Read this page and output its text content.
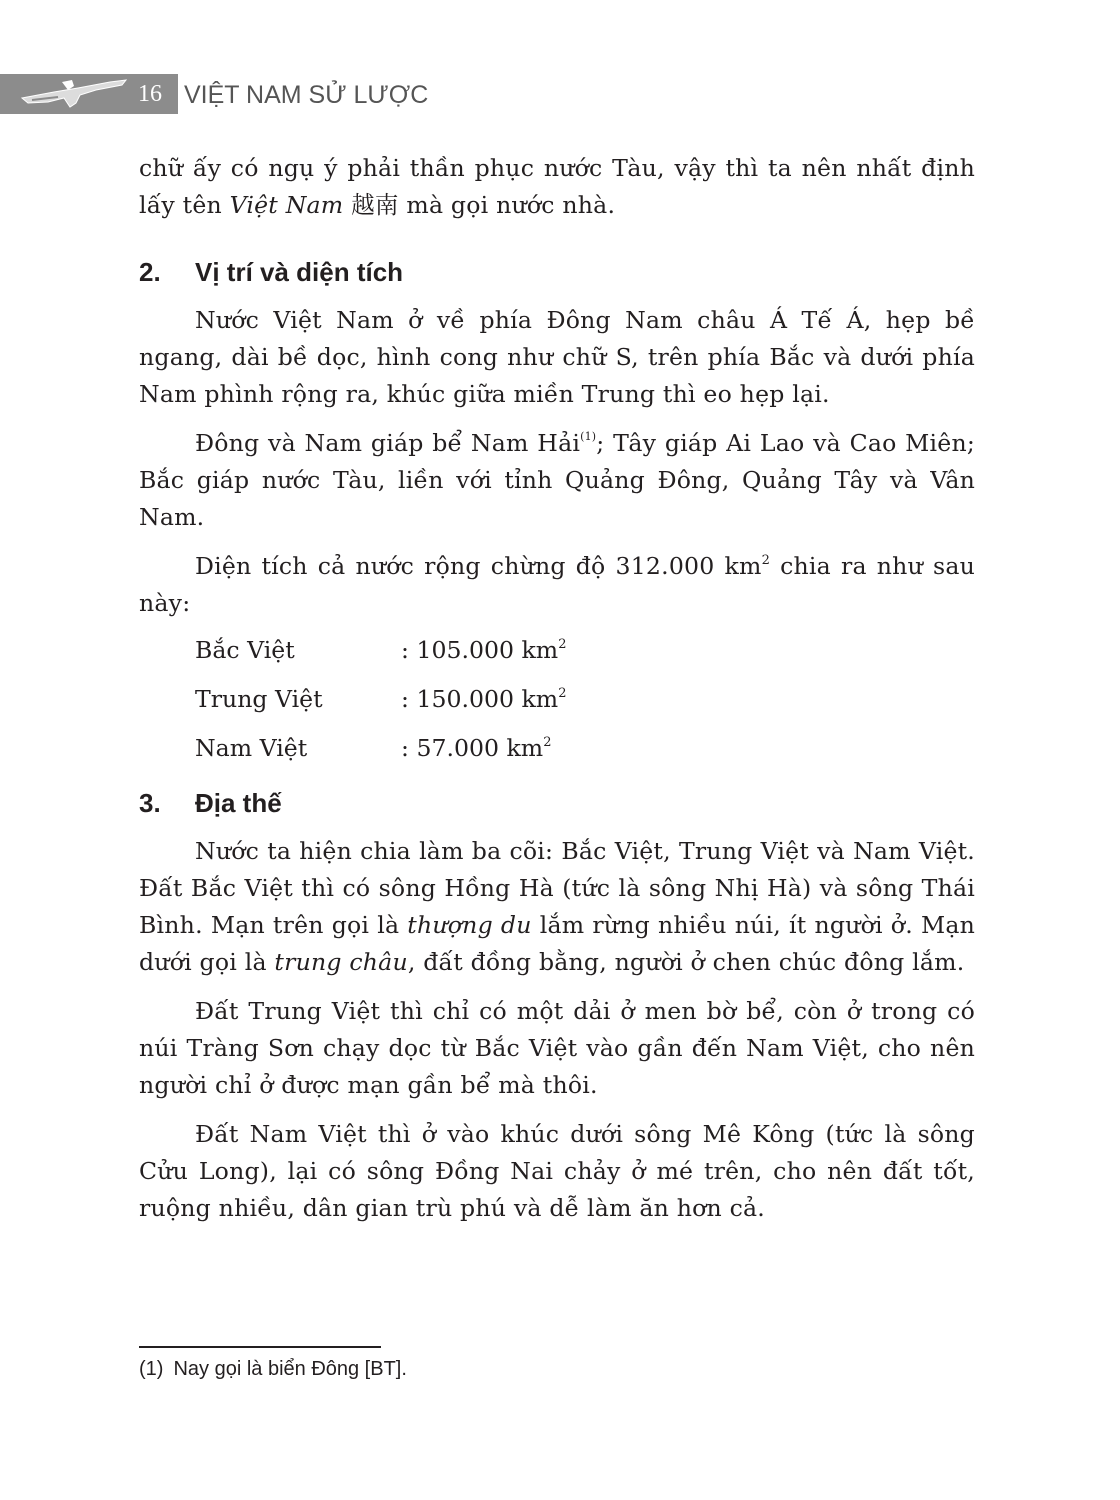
16 VIỆT NAM SỬ LƯỢC

chữ ấy có ngụ ý phải thần phục nước Tàu, vậy thì ta nên nhất định lấy tên Việt Nam 越南 mà gọi nước nhà.

2.	Vị trí và diện tích

Nước Việt Nam ở về phía Đông Nam châu Á Tế Á, hẹp bề ngang, dài bề dọc, hình cong như chữ S, trên phía Bắc và dưới phía Nam phình rộng ra, khúc giữa miền Trung thì eo hẹp lại.

Đông và Nam giáp bể Nam Hải$^{(1)}$; Tây giáp Ai Lao và Cao Miên; Bắc giáp nước Tàu, liền với tỉnh Quảng Đông, Quảng Tây và Vân Nam.

Diện tích cả nước rộng chừng độ 312.000 $km^2$ chia ra như sau này:

Bắc Việt	: 105.000 $km^2$
Trung Việt	: 150.000 $km^2$
Nam Việt	: 57.000 $km^2$
3.	Địa thế

Nước ta hiện chia làm ba cõi: Bắc Việt, Trung Việt và Nam Việt. Đất Bắc Việt thì có sông Hồng Hà (tức là sông Nhị Hà) và sông Thái Bình. Mạn trên gọi là thượng du lắm rừng nhiều núi, ít người ở. Mạn dưới gọi là trung châu, đất đồng bằng, người ở chen chúc đông lắm.

Đất Trung Việt thì chỉ có một dải ở men bờ bể, còn ở trong có núi Tràng Sơn chạy dọc từ Bắc Việt vào gần đến Nam Việt, cho nên người chỉ ở được mạn gần bể mà thôi.

Đất Nam Việt thì ở vào khúc dưới sông Mê Kông (tức là sông Cửu Long), lại có sông Đồng Nai chảy ở mé trên, cho nên đất tốt, ruộng nhiều, dân gian trù phú và dễ làm ăn hơn cả.

(1) Nay gọi là biển Đông [BT].
